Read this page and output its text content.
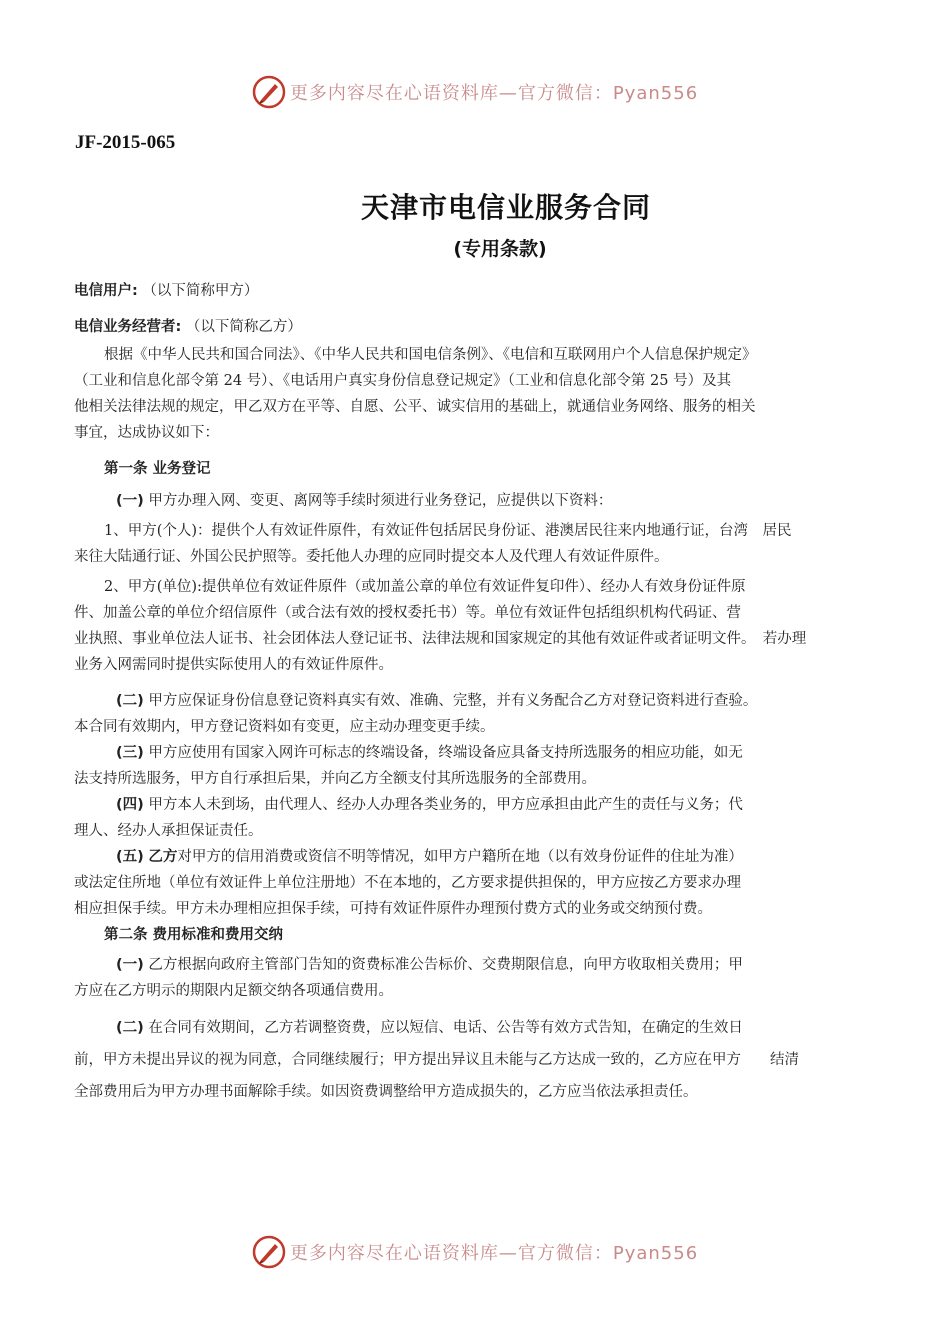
更多内容尽在心语资料库—官方微信：Pyan556
JF-2015-065
天津市电信业服务合同
(专用条款)
电信用户: （以下简称甲方）
电信业务经营者: （以下简称乙方）
根据《中华人民共和国合同法》、《中华人民共和国电信条例》、《电信和互联网用户个人信息保护规定》
（工业和信息化部令第 24 号）、《电话用户真实身份信息登记规定》（工业和信息化部令第 25 号）及其
他相关法律法规的规定，甲乙双方在平等、自愿、公平、诚实信用的基础上，就通信业务网络、服务的相关
事宜，达成协议如下：
第一条 业务登记
(一) 甲方办理入网、变更、离网等手续时须进行业务登记，应提供以下资料：
1、甲方(个人)：提供个人有效证件原件，有效证件包括居民身份证、港澳居民往来内地通行证，台湾　居民
来往大陆通行证、外国公民护照等。委托他人办理的应同时提交本人及代理人有效证件原件。
2、甲方(单位):提供单位有效证件原件（或加盖公章的单位有效证件复印件）、经办人有效身份证件原
件、加盖公章的单位介绍信原件（或合法有效的授权委托书）等。单位有效证件包括组织机构代码证、营
业执照、事业单位法人证书、社会团体法人登记证书、法律法规和国家规定的其他有效证件或者证明文件。　若办理
业务入网需同时提供实际使用人的有效证件原件。
(二) 甲方应保证身份信息登记资料真实有效、准确、完整，并有义务配合乙方对登记资料进行查验。
本合同有效期内，甲方登记资料如有变更，应主动办理变更手续。
(三) 甲方应使用有国家入网许可标志的终端设备，终端设备应具备支持所选服务的相应功能，如无
法支持所选服务，甲方自行承担后果，并向乙方全额支付其所选服务的全部费用。
(四) 甲方本人未到场，由代理人、经办人办理各类业务的，甲方应承担由此产生的责任与义务；代
理人、经办人承担保证责任。
(五) 乙方对甲方的信用消费或资信不明等情况，如甲方户籍所在地（以有效身份证件的住址为准）
或法定住所地（单位有效证件上单位注册地）不在本地的，乙方要求提供担保的，甲方应按乙方要求办理
相应担保手续。甲方未办理相应担保手续，可持有效证件原件办理预付费方式的业务或交纳预付费。
第二条 费用标准和费用交纳
(一) 乙方根据向政府主管部门告知的资费标准公告标价、交费期限信息，向甲方收取相关费用；甲
方应在乙方明示的期限内足额交纳各项通信费用。
(二) 在合同有效期间，乙方若调整资费，应以短信、电话、公告等有效方式告知，在确定的生效日
前，甲方未提出异议的视为同意，合同继续履行；甲方提出异议且未能与乙方达成一致的，乙方应在甲方　　结清
全部费用后为甲方办理书面解除手续。如因资费调整给甲方造成损失的，乙方应当依法承担责任。
更多内容尽在心语资料库—官方微信：Pyan556
